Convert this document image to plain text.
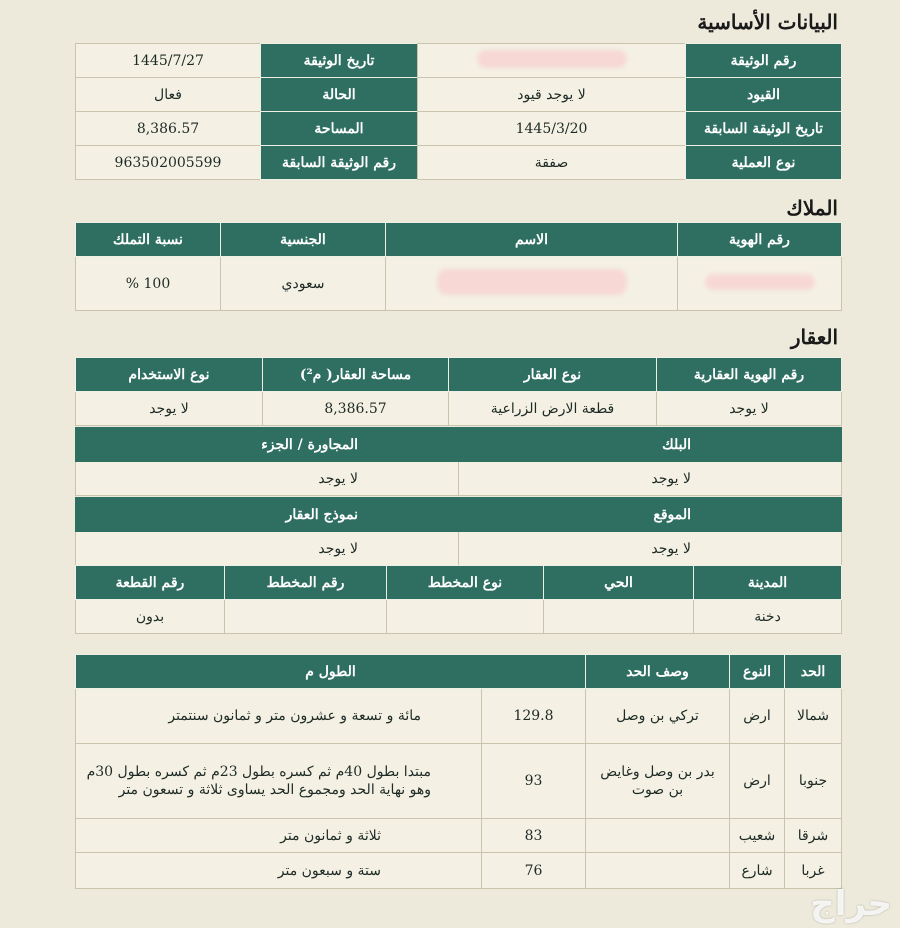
البيانات الأساسية
رقم الوثيقة		تاريخ الوثيقة	1445/7/27
القيود	لا يوجد قيود	الحالة	فعال
تاريخ الوثيقة السابقة	1445/3/20	المساحة	8,386.57
نوع العملية	صفقة	رقم الوثيقة السابقة	963502005599
الملاك
رقم الهوية	الاسم	الجنسية	نسبة التملك
		سعودي	100 %
العقار
رقم الهوية العقارية	نوع العقار	مساحة العقار( م²)	نوع الاستخدام
لا يوجد	قطعة الارض الزراعية	8,386.57	لا يوجد
البلك	المجاورة / الجزء
لا يوجد	لا يوجد
الموقع	نموذج العقار
لا يوجد	لا يوجد
المدينة	الحي	نوع المخطط	رقم المخطط	رقم القطعة
دخنة				بدون
الحد	النوع	وصف الحد	الطول م	
شمالا	ارض	تركي بن وصل	129.8	مائة و تسعة و عشرون متر و ثمانون سنتمتر
جنوبا	ارض	بدر بن وصل وغايض بن صوت	93	مبتدا بطول 40م ثم كسره بطول 23م ثم كسره بطول 30م وهو نهاية الحد ومجموع الحد يساوى ثلاثة و تسعون متر
شرقا	شعيب		83	ثلاثة و ثمانون متر
غربا	شارع		76	ستة و سبعون متر
حراج
